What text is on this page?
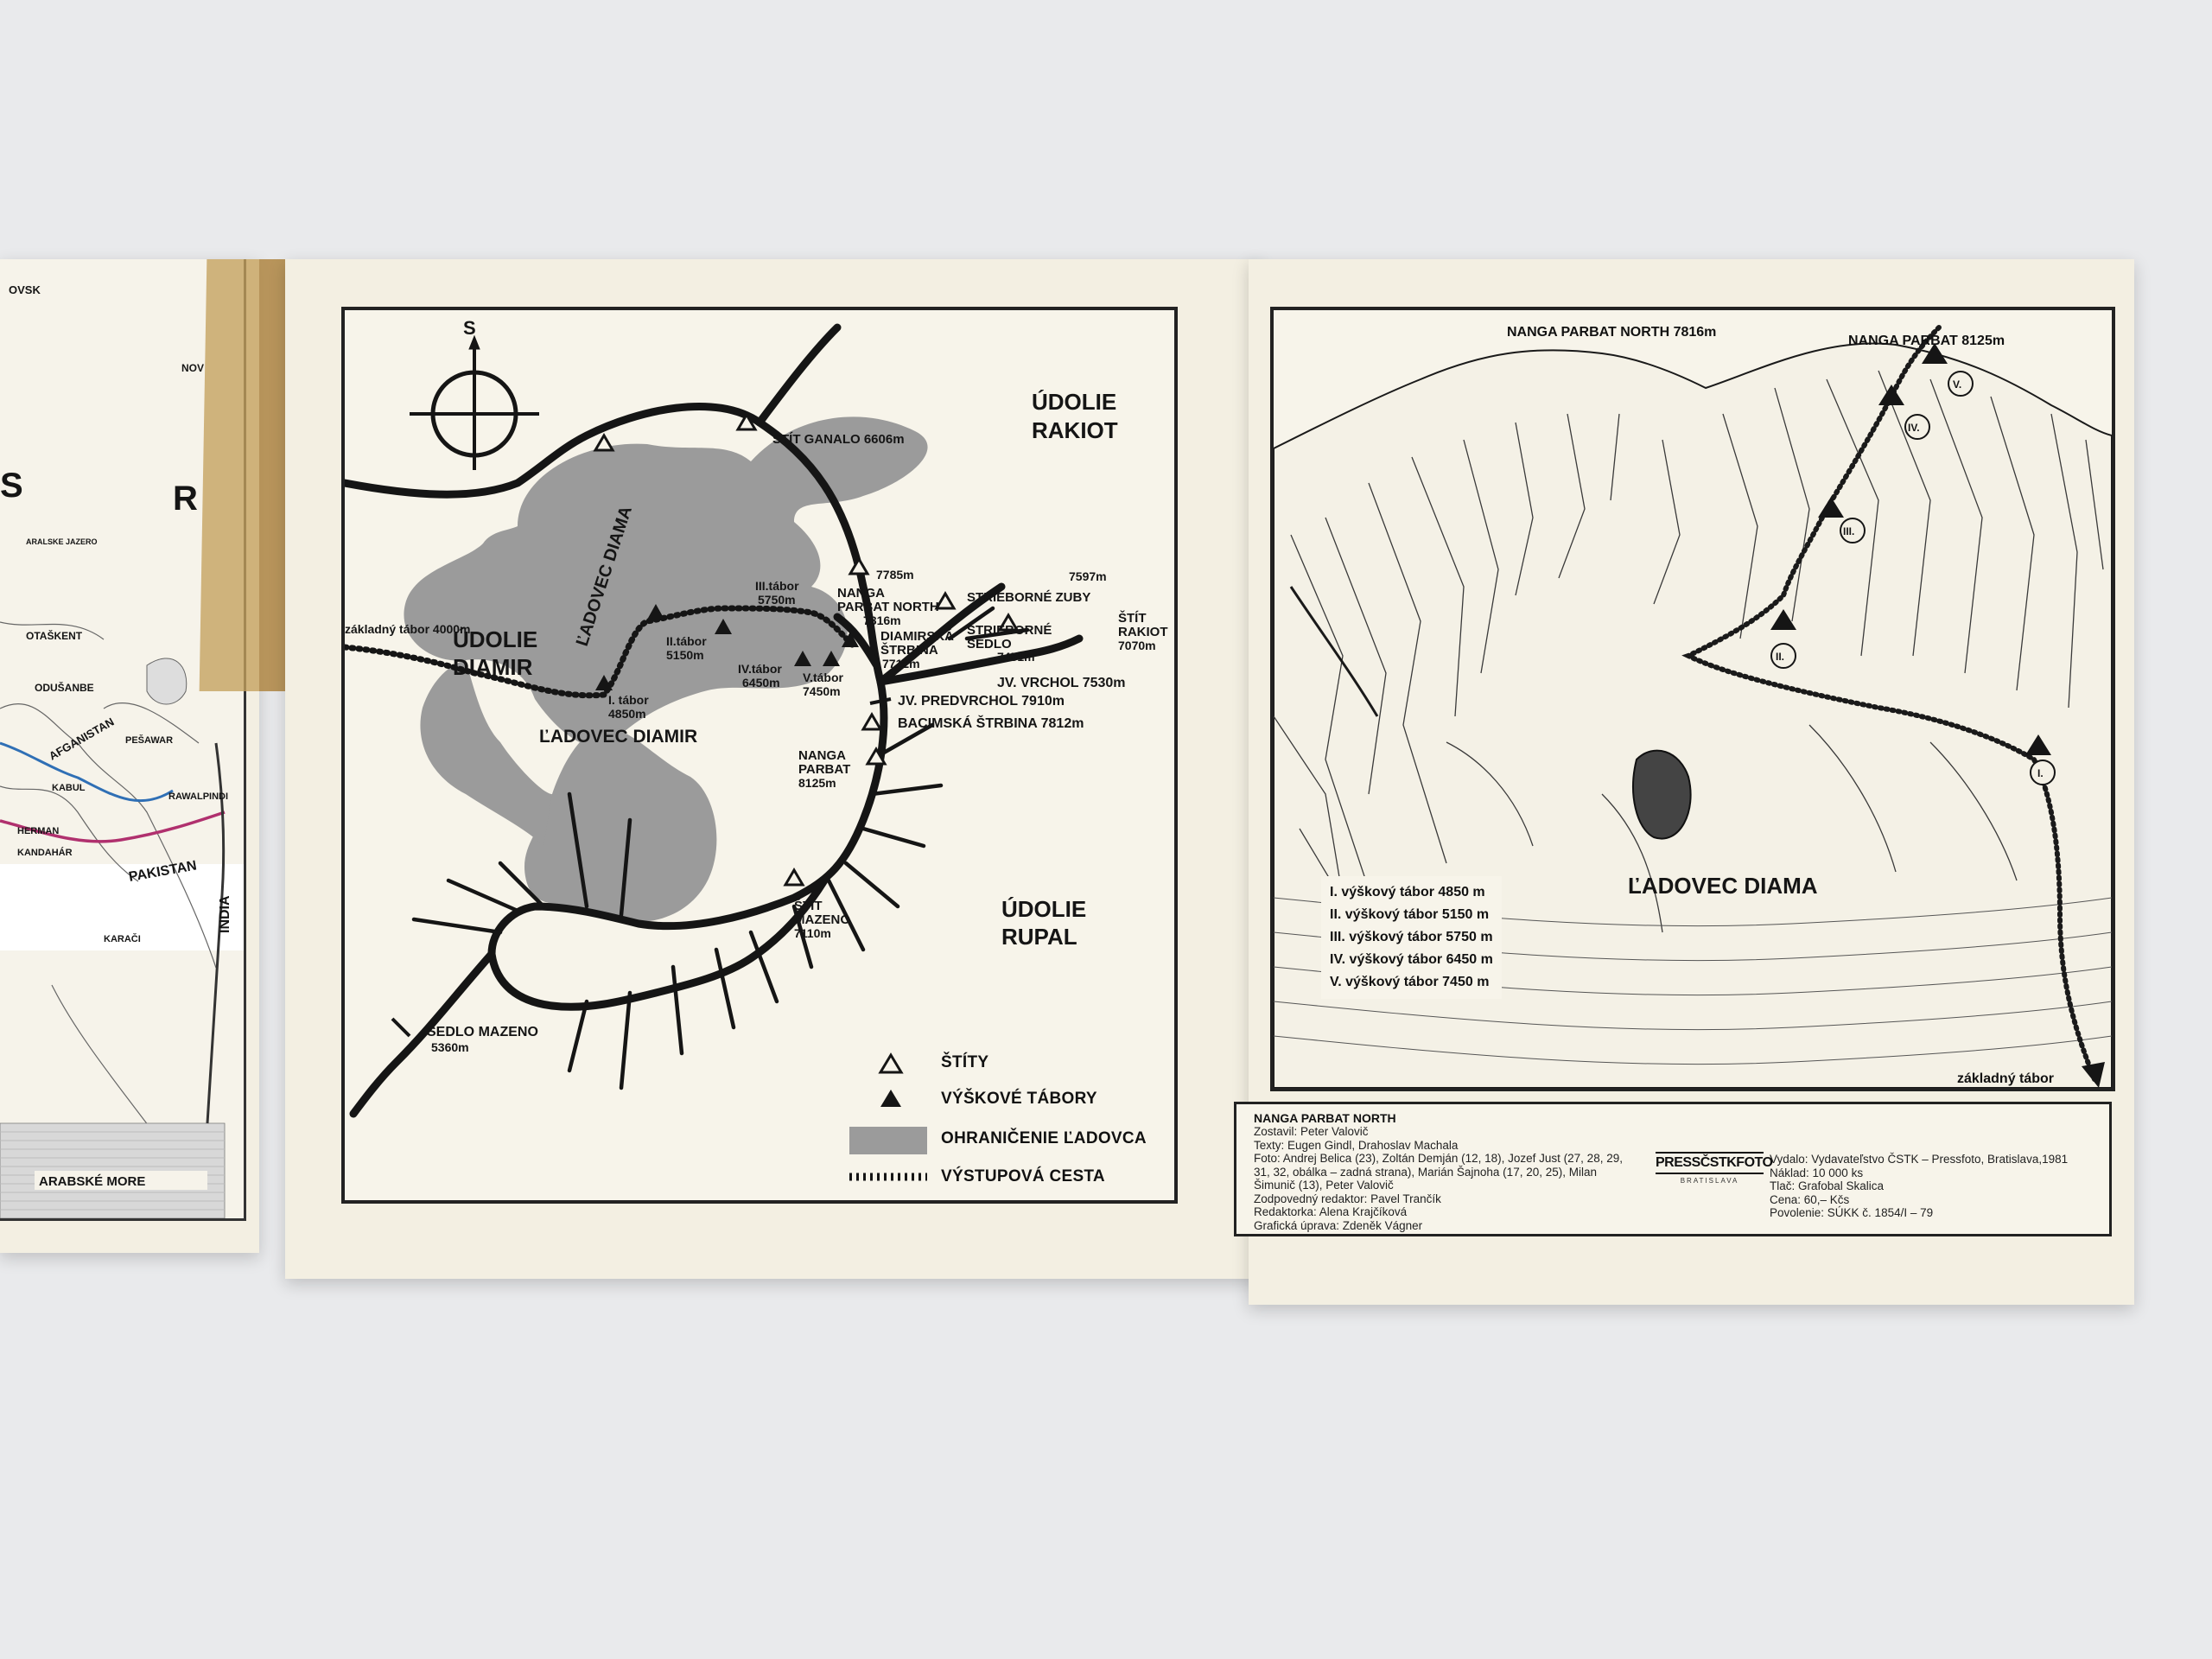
OVSK
NOV
S	R
ARALSKE JAZERO
OTAŠKENT
ODUŠANBE
AFGANISTAN
KABUL
PEŠAWAR
RAWALPINDI
HERMAN
KANDAHÁR
PAKISTAN
KARAČI
INDIA
ARABSKÉ MORE
S
ÚDOLIE
RAKIOT
ÚDOLIE
DIAMIR
ÚDOLIE
RUPAL
ĽADOVEC DIAMA
ĽADOVEC DIAMIR
ŠTÍT GANALO 6606m
7785m
základný tábor 4000m
III.tábor
5750m
II.tábor
5150m
I. tábor
4850m
IV.tábor
6450m V.tábor
7450m
NANGA
PARBAT NORTH
7816m
DIAMIRSKÁ
ŠTRBINA
7712m
7597m
STRIEBORNÉ ZUBY
STRIEBORNÉ
SEDLO
7451m
ŠTÍT
RAKIOT
7070m
JV. VRCHOL 7530m
JV. PREDVRCHOL 7910m
BACIMSKÁ ŠTRBINA 7812m
NANGA
PARBAT
8125m
ŠTÍT
MAZENO
7110m
SEDLO MAZENO
5360m
ŠTÍTY
VÝŠKOVÉ TÁBORY
OHRANIČENIE ĽADOVCA
VÝSTUPOVÁ CESTA
V.
IV.
III.
II.
I.
ĽADOVEC DIAMA
NANGA PARBAT NORTH 7816m
NANGA PARBAT 8125m
I. výškový tábor 4850 m
II. výškový tábor 5150 m
III. výškový tábor 5750 m
IV. výškový tábor 6450 m
V. výškový tábor 7450 m
základný tábor
NANGA PARBAT NORTH
Zostavil: Peter Valovič
Texty: Eugen Gindl, Drahoslav Machala
Foto: Andrej Belica (23), Zoltán Demján (12, 18), Jozef Just (27, 28, 29,
31, 32, obálka – zadná strana), Marián Šajnoha (17, 20, 25), Milan
Šimunič (13), Peter Valovič
Zodpovedný redaktor: Pavel Trančík
Redaktorka: Alena Krajčíková
Grafická úprava: Zdeněk Vágner
PRESSČSTKFOTO
BRATISLAVA
Vydalo: Vydavateľstvo ČSTK – Pressfoto, Bratislava,1981
Náklad: 10 000 ks
Tlač: Grafobal Skalica
Cena: 60,– Kčs
Povolenie: SÚKK č. 1854/I – 79
